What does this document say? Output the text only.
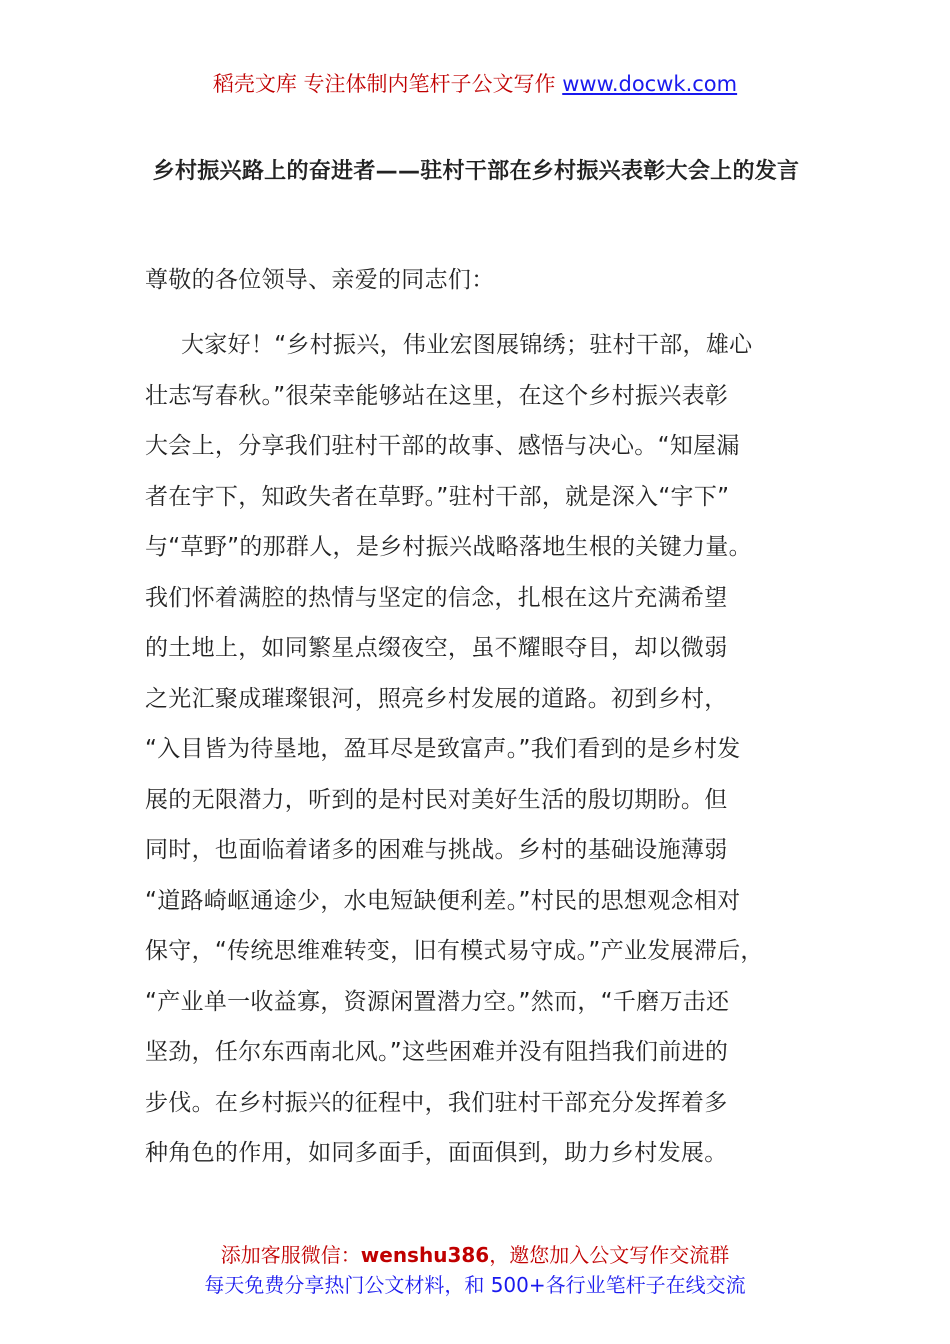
稻壳文库 专注体制内笔杆子公文写作 www.docwk.com
乡村振兴路上的奋进者——驻村干部在乡村振兴表彰大会上的发言
尊敬的各位领导、亲爱的同志们：
大家好！“乡村振兴，伟业宏图展锦绣；驻村干部，雄心
壮志写春秋。”很荣幸能够站在这里，在这个乡村振兴表彰
大会上，分享我们驻村干部的故事、感悟与决心。“知屋漏
者在宇下，知政失者在草野。”驻村干部，就是深入“宇下”
与“草野”的那群人，是乡村振兴战略落地生根的关键力量。
我们怀着满腔的热情与坚定的信念，扎根在这片充满希望
的土地上，如同繁星点缀夜空，虽不耀眼夺目，却以微弱
之光汇聚成璀璨银河，照亮乡村发展的道路。初到乡村，
“入目皆为待垦地，盈耳尽是致富声。”我们看到的是乡村发
展的无限潜力，听到的是村民对美好生活的殷切期盼。但
同时，也面临着诸多的困难与挑战。乡村的基础设施薄弱
“道路崎岖通途少，水电短缺便利差。”村民的思想观念相对
保守，“传统思维难转变，旧有模式易守成。”产业发展滞后，
“产业单一收益寡，资源闲置潜力空。”然而，“千磨万击还
坚劲，任尔东西南北风。”这些困难并没有阻挡我们前进的
步伐。在乡村振兴的征程中，我们驻村干部充分发挥着多
种角色的作用，如同多面手，面面俱到，助力乡村发展。
添加客服微信：wenshu386，邀您加入公文写作交流群
每天免费分享热门公文材料，和 500+各行业笔杆子在线交流
